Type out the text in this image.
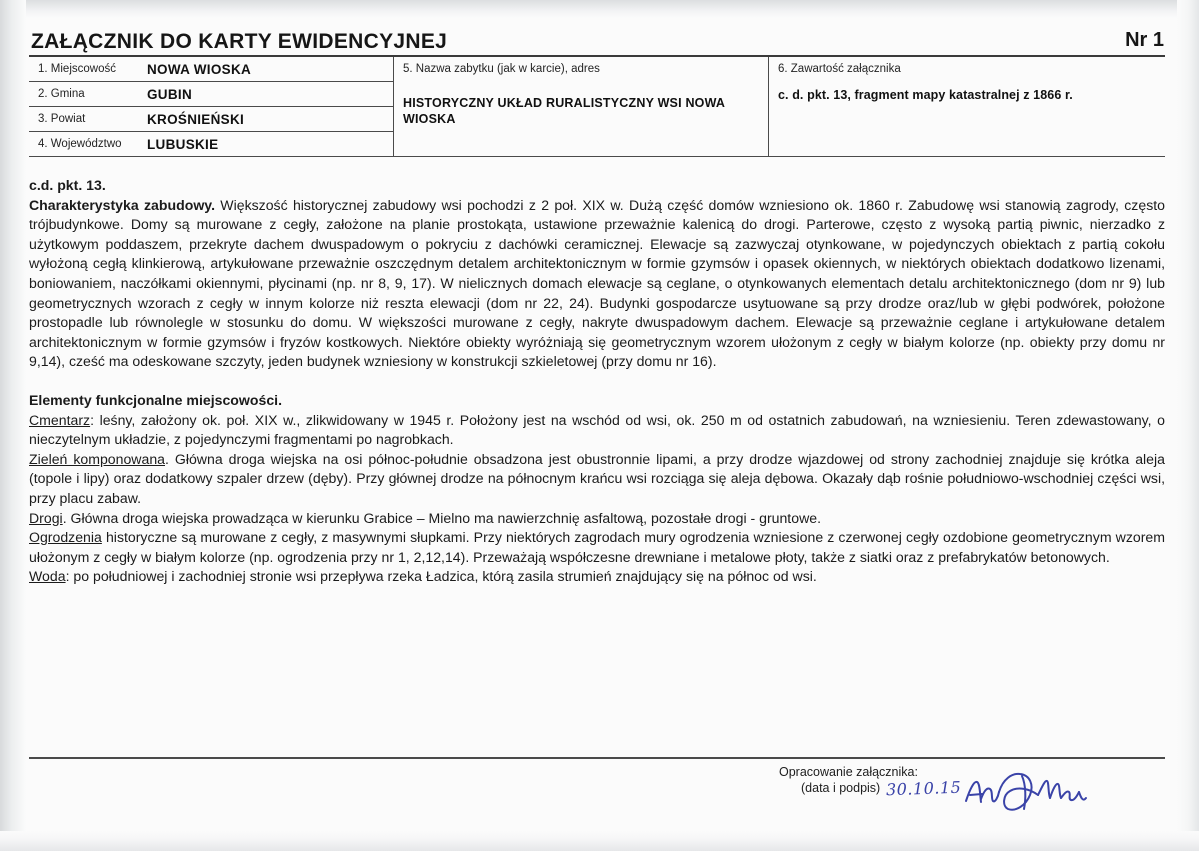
ZAŁĄCZNIK DO KARTY EWIDENCYJNEJ	Nr 1
1. Miejscowość	NOWA WIOSKA
2. Gmina	GUBIN
3. Powiat	KROŚNIEŃSKI
4. Województwo	LUBUSKIE
5. Nazwa zabytku (jak w karcie), adres
HISTORYCZNY UKŁAD RURALISTYCZNY WSI NOWA WIOSKA
6. Zawartość załącznika
c. d. pkt. 13, fragment mapy katastralnej z 1866 r.

c.d. pkt. 13.

Charakterystyka zabudowy. Większość historycznej zabudowy wsi pochodzi z 2 poł. XIX w. Dużą część domów wzniesiono ok. 1860 r. Zabudowę wsi stanowią zagrody, często trójbudynkowe. Domy są murowane z cegły, założone na planie prostokąta, ustawione przeważnie kalenicą do drogi. Parterowe, często z wysoką partią piwnic, nierzadko z użytkowym poddaszem, przekryte dachem dwuspadowym o pokryciu z dachówki ceramicznej. Elewacje są zazwyczaj otynkowane, w pojedynczych obiektach z partią cokołu wyłożoną cegłą klinkierową, artykułowane przeważnie oszczędnym detalem architektonicznym w formie gzymsów i opasek okiennych, w niektórych obiektach dodatkowo lizenami, boniowaniem, naczółkami okiennymi, płycinami (np. nr 8, 9, 17). W nielicznych domach elewacje są ceglane, o otynkowanych elementach detalu architektonicznego (dom nr 9) lub geometrycznych wzorach z cegły w innym kolorze niż reszta elewacji (dom nr 22, 24). Budynki gospodarcze usytuowane są przy drodze oraz/lub w głębi podwórek, położone prostopadle lub równolegle w stosunku do domu. W większości murowane z cegły, nakryte dwuspadowym dachem. Elewacje są przeważnie ceglane i artykułowane detalem architektonicznym w formie gzymsów i fryzów kostkowych. Niektóre obiekty wyróżniają się geometrycznym wzorem ułożonym z cegły w białym kolorze (np. obiekty przy domu nr 9,14), cześć ma odeskowane szczyty, jeden budynek wzniesiony w konstrukcji szkieletowej (przy domu nr 16).

Elementy funkcjonalne miejscowości.

Cmentarz: leśny, założony ok. poł. XIX w., zlikwidowany w 1945 r. Położony jest na wschód od wsi, ok. 250 m od ostatnich zabudowań, na wzniesieniu. Teren zdewastowany, o nieczytelnym układzie, z pojedynczymi fragmentami po nagrobkach.

Zieleń komponowana. Główna droga wiejska na osi północ-południe obsadzona jest obustronnie lipami, a przy drodze wjazdowej od strony zachodniej znajduje się krótka aleja (topole i lipy) oraz dodatkowy szpaler drzew (dęby). Przy głównej drodze na północnym krańcu wsi rozciąga się aleja dębowa. Okazały dąb rośnie południowo-wschodniej części wsi, przy placu zabaw.

Drogi. Główna droga wiejska prowadząca w kierunku Grabice – Mielno ma nawierzchnię asfaltową, pozostałe drogi - gruntowe.

Ogrodzenia historyczne są murowane z cegły, z masywnymi słupkami. Przy niektórych zagrodach mury ogrodzenia wzniesione z czerwonej cegły ozdobione geometrycznym wzorem ułożonym z cegły w białym kolorze (np. ogrodzenia przy nr 1, 2,12,14). Przeważają współczesne drewniane i metalowe płoty, także z siatki oraz z prefabrykatów betonowych.

Woda: po południowej i zachodniej stronie wsi przepływa rzeka Ładzica, którą zasila strumień znajdujący się na północ od wsi.

Opracowanie załącznika:
(data i podpis) 30.10.15
